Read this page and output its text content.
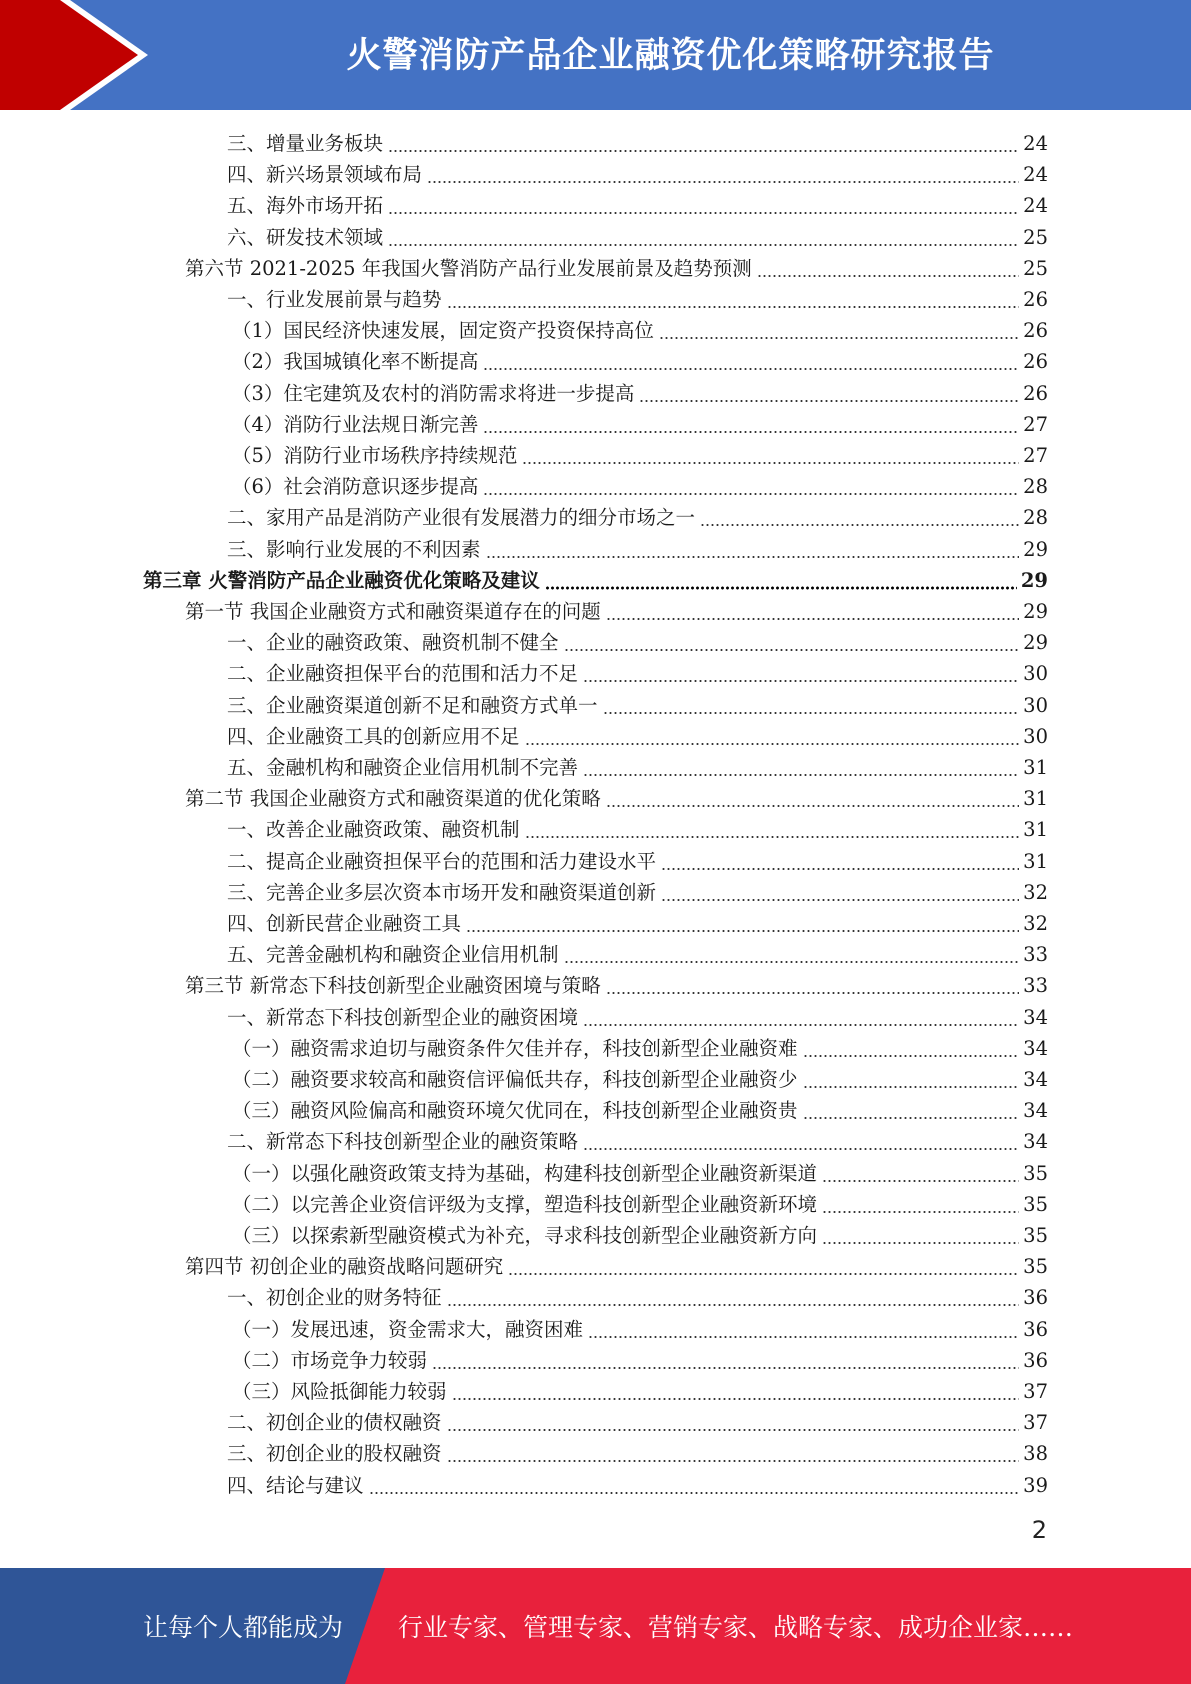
火警消防产品企业融资优化策略研究报告
三、增量业务板块	24
四、新兴场景领域布局	24
五、海外市场开拓	24
六、研发技术领域	25
第六节 2021-2025 年我国火警消防产品行业发展前景及趋势预测	25
一、行业发展前景与趋势	26
（1）国民经济快速发展，固定资产投资保持高位	26
（2）我国城镇化率不断提高	26
（3）住宅建筑及农村的消防需求将进一步提高	26
（4）消防行业法规日渐完善	27
（5）消防行业市场秩序持续规范	27
（6）社会消防意识逐步提高	28
二、家用产品是消防产业很有发展潜力的细分市场之一	28
三、影响行业发展的不利因素	29
第三章 火警消防产品企业融资优化策略及建议	29
第一节 我国企业融资方式和融资渠道存在的问题	29
一、企业的融资政策、融资机制不健全	29
二、企业融资担保平台的范围和活力不足	30
三、企业融资渠道创新不足和融资方式单一	30
四、企业融资工具的创新应用不足	30
五、金融机构和融资企业信用机制不完善	31
第二节 我国企业融资方式和融资渠道的优化策略	31
一、改善企业融资政策、融资机制	31
二、提高企业融资担保平台的范围和活力建设水平	31
三、完善企业多层次资本市场开发和融资渠道创新	32
四、创新民营企业融资工具	32
五、完善金融机构和融资企业信用机制	33
第三节 新常态下科技创新型企业融资困境与策略	33
一、新常态下科技创新型企业的融资困境	34
（一）融资需求迫切与融资条件欠佳并存，科技创新型企业融资难	34
（二）融资要求较高和融资信评偏低共存，科技创新型企业融资少	34
（三）融资风险偏高和融资环境欠优同在，科技创新型企业融资贵	34
二、新常态下科技创新型企业的融资策略	34
（一）以强化融资政策支持为基础，构建科技创新型企业融资新渠道	35
（二）以完善企业资信评级为支撑，塑造科技创新型企业融资新环境	35
（三）以探索新型融资模式为补充，寻求科技创新型企业融资新方向	35
第四节 初创企业的融资战略问题研究	35
一、初创企业的财务特征	36
（一）发展迅速，资金需求大，融资困难	36
（二）市场竞争力较弱	36
（三）风险抵御能力较弱	37
二、初创企业的债权融资	37
三、初创企业的股权融资	38
四、结论与建议	39
2
让每个人都能成为 行业专家、管理专家、营销专家、战略专家、成功企业家……
